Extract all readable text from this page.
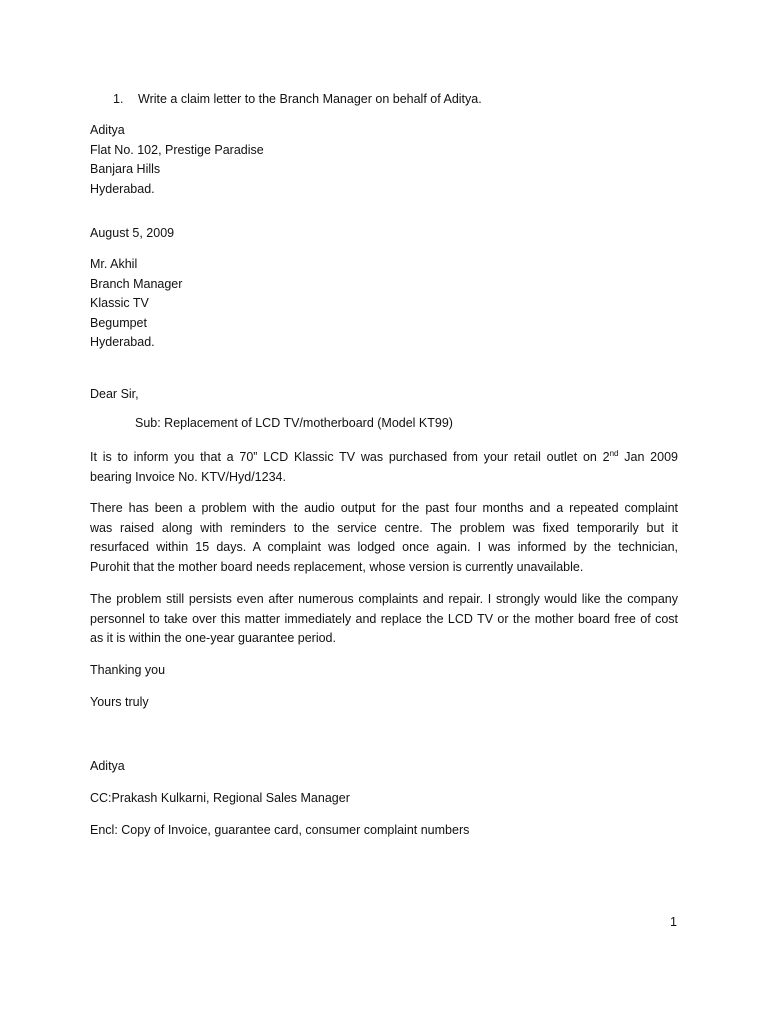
1. Write a claim letter to the Branch Manager on behalf of Aditya.
Aditya
Flat No. 102, Prestige Paradise
Banjara Hills
Hyderabad.
August 5, 2009
Mr. Akhil
Branch Manager
Klassic TV
Begumpet
Hyderabad.
Dear Sir,
Sub: Replacement of LCD TV/motherboard (Model KT99)
It is to inform you that a 70” LCD Klassic TV was purchased from your retail outlet on 2nd Jan 2009
bearing Invoice No. KTV/Hyd/1234.
There has been a problem with the audio output for the past four months and a repeated complaint
was raised along with reminders to the service centre. The problem was fixed temporarily but it
resurfaced within 15 days. A complaint was lodged once again. I was informed by the technician,
Purohit that the mother board needs replacement, whose version is currently unavailable.
The problem still persists even after numerous complaints and repair. I strongly would like the company
personnel to take over this matter immediately and replace the LCD TV or the mother board free of cost
as it is within the one-year guarantee period.
Thanking you
Yours truly
Aditya
CC:Prakash Kulkarni, Regional Sales Manager
Encl: Copy of Invoice, guarantee card, consumer complaint numbers
1
